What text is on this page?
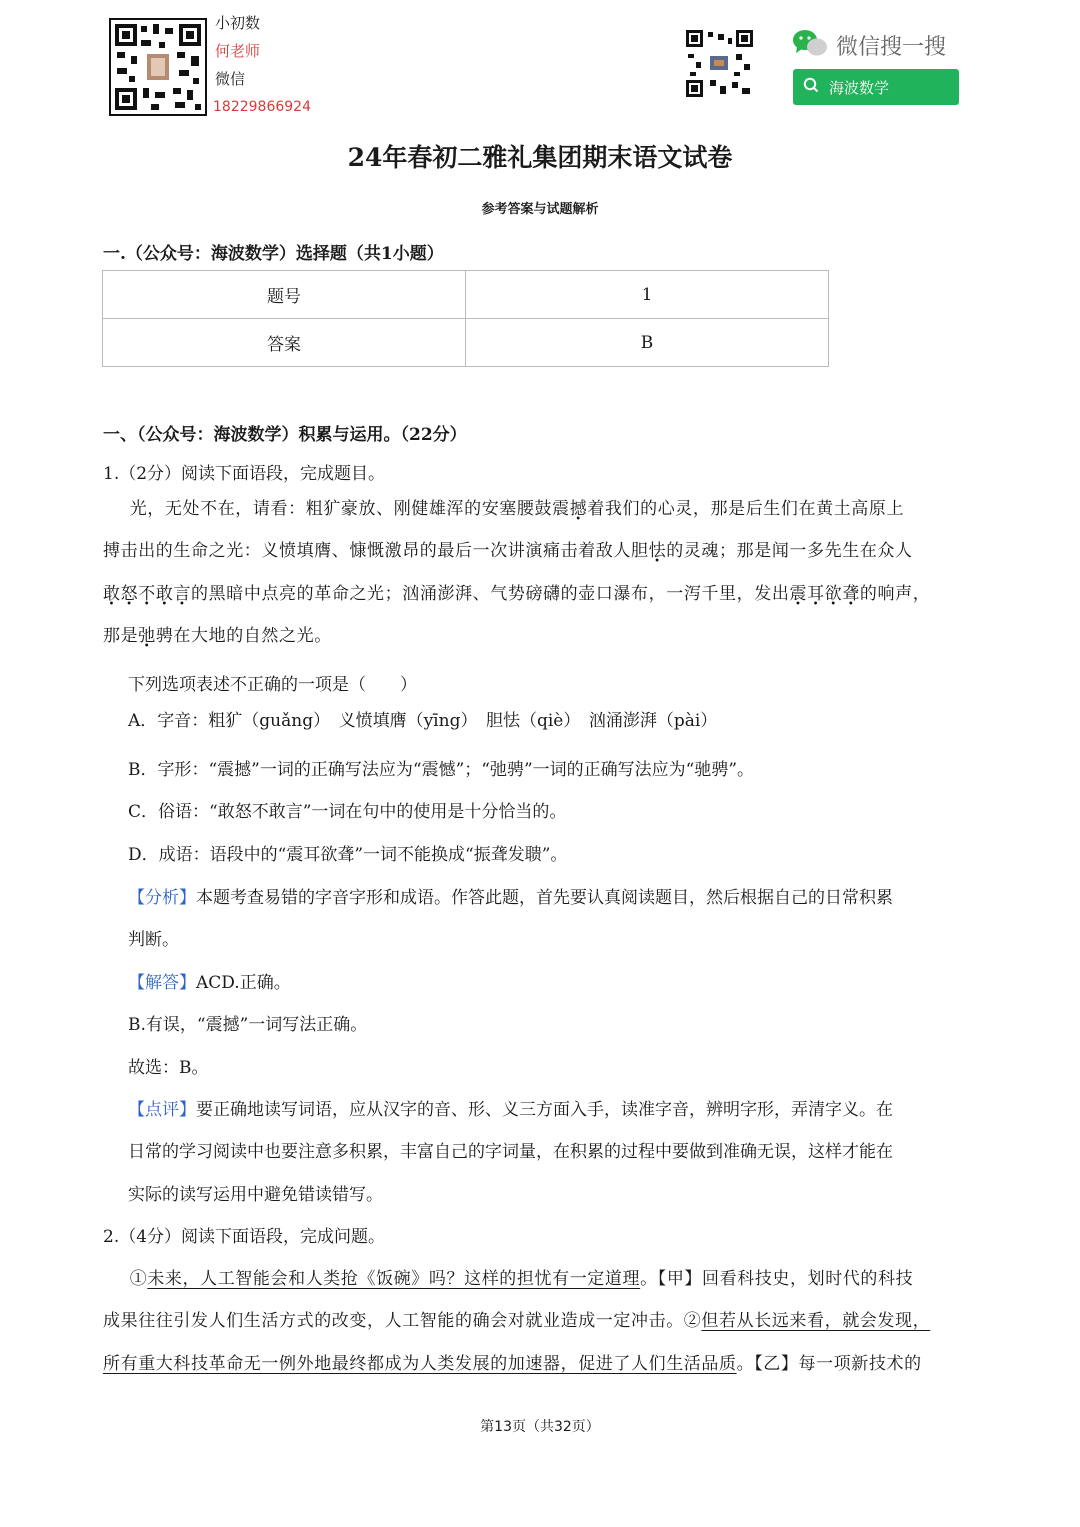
小初数
何老师
微信
18229866924
微信搜一搜
海波数学
24年春初二雅礼集团期末语文试卷
参考答案与试题解析
一.（公众号：海波数学）选择题（共1小题）
题号	1
答案	B
一、（公众号：海波数学）积累与运用。（22分）
1.（2分）阅读下面语段，完成题目。
　 光，无处不在，请看：粗犷豪放、刚健雄浑的安塞腰鼓震撼着我们的心灵，那是后生们在黄土高原上
搏击出的生命之光：义愤填膺、慷慨激昂的最后一次讲演痛击着敌人胆怯的灵魂；那是闻一多先生在众人
敢怒不敢言的黑暗中点亮的革命之光；汹涌澎湃、气势磅礴的壶口瀑布，一泻千里，发出震耳欲聋的响声，
那是弛骋在大地的自然之光。
下列选项表述不正确的一项是（　　）
A．字音：粗犷（guǎng）　义愤填膺（yīng）　胆怯（qiè）　汹涌澎湃（pài）
B．字形：“震撼”一词的正确写法应为“震憾”；“弛骋”一词的正确写法应为“驰骋”。
C．俗语：“敢怒不敢言”一词在句中的使用是十分恰当的。
D．成语：语段中的“震耳欲聋”一词不能换成“振聋发聩”。
【分析】本题考查易错的字音字形和成语。作答此题，首先要认真阅读题目，然后根据自己的日常积累
判断。
【解答】ACD.正确。
B.有误，“震撼”一词写法正确。
故选：B。
【点评】要正确地读写词语，应从汉字的音、形、义三方面入手，读准字音，辨明字形，弄清字义。在
日常的学习阅读中也要注意多积累，丰富自己的字词量，在积累的过程中要做到准确无误，这样才能在
实际的读写运用中避免错读错写。
2.（4分）阅读下面语段，完成问题。
　 ①未来，人工智能会和人类抢《饭碗》吗？这样的担忧有一定道理。【甲】回看科技史，划时代的科技
成果往往引发人们生活方式的改变，人工智能的确会对就业造成一定冲击。②但若从长远来看，就会发现，
所有重大科技革命无一例外地最终都成为人类发展的加速器，促进了人们生活品质。【乙】每一项新技术的
第13页（共32页）
